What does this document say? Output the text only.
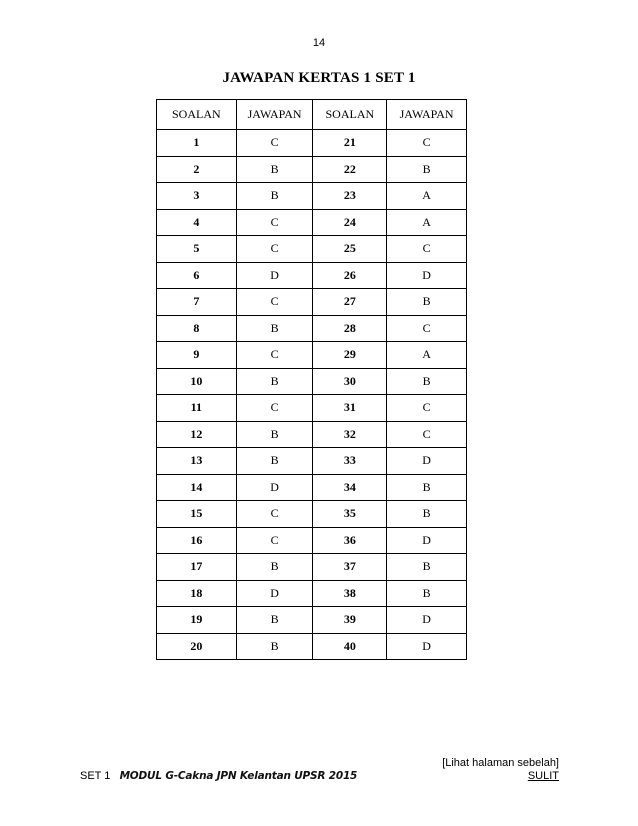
14
JAWAPAN KERTAS 1 SET 1
SOALAN	JAWAPAN	SOALAN	JAWAPAN
1	C	21	C
2	B	22	B
3	B	23	A
4	C	24	A
5	C	25	C
6	D	26	D
7	C	27	B
8	B	28	C
9	C	29	A
10	B	30	B
11	C	31	C
12	B	32	C
13	B	33	D
14	D	34	B
15	C	35	B
16	C	36	D
17	B	37	B
18	D	38	B
19	B	39	D
20	B	40	D
[Lihat halaman sebelah]
SET 1 MODUL G-Cakna JPN Kelantan UPSR 2015	SULIT
